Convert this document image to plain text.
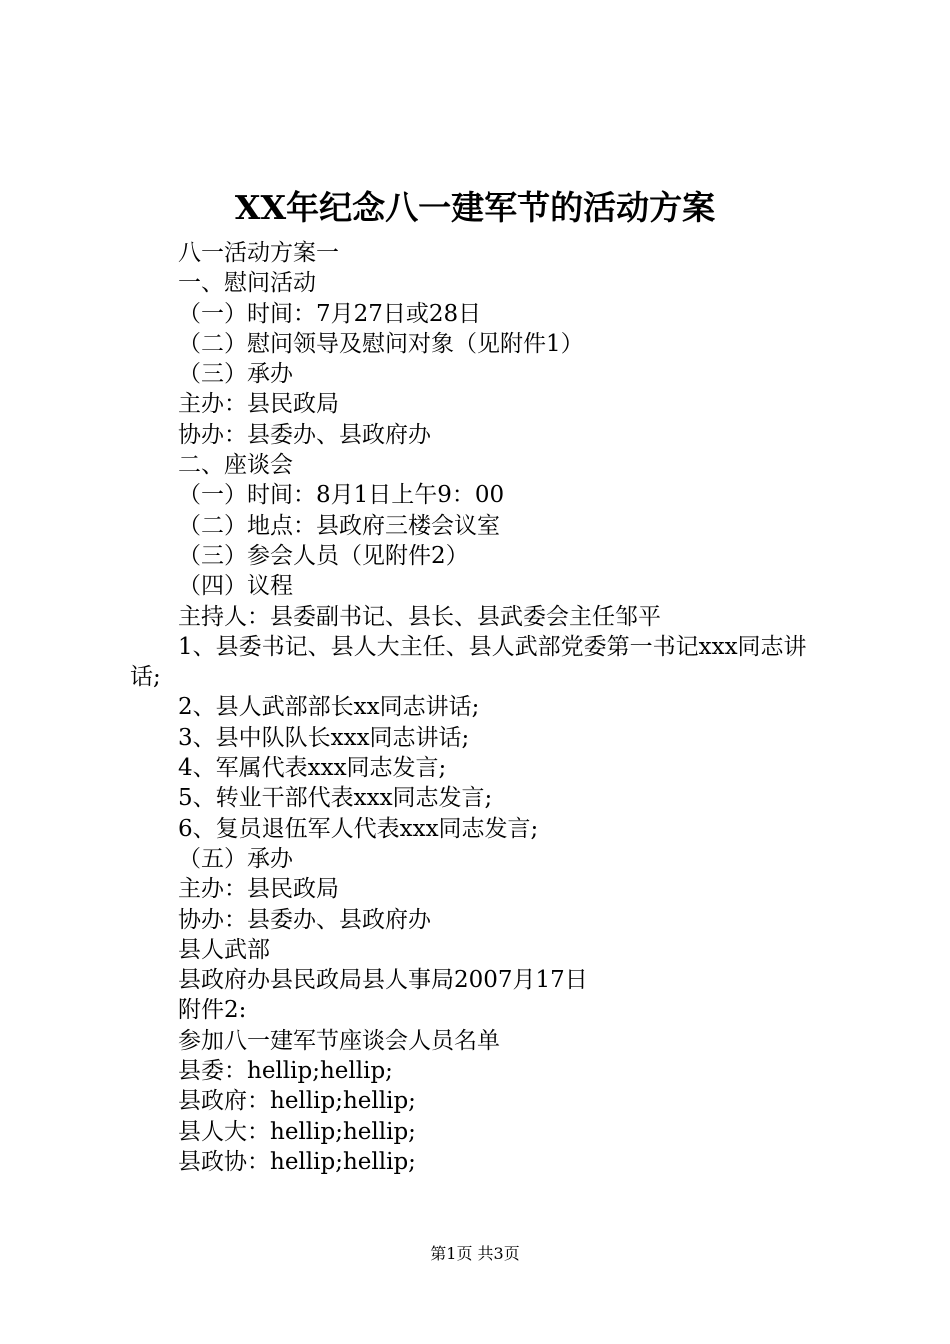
XX年纪念八一建军节的活动方案
八一活动方案一
一、慰问活动
（一）时间：7月27日或28日
（二）慰问领导及慰问对象（见附件1）
（三）承办
主办：县民政局
协办：县委办、县政府办
二、座谈会
（一）时间：8月1日上午9：00
（二）地点：县政府三楼会议室
（三）参会人员（见附件2）
（四）议程
主持人：县委副书记、县长、县武委会主任邹平
1、县委书记、县人大主任、县人武部党委第一书记xxx同志讲话;
2、县人武部部长xx同志讲话;
3、县中队队长xxx同志讲话;
4、军属代表xxx同志发言;
5、转业干部代表xxx同志发言;
6、复员退伍军人代表xxx同志发言;
（五）承办
主办：县民政局
协办：县委办、县政府办
县人武部
县政府办县民政局县人事局2007月17日
附件2:
参加八一建军节座谈会人员名单
县委：hellip;hellip;
县政府：hellip;hellip;
县人大：hellip;hellip;
县政协：hellip;hellip;
第1页 共3页
